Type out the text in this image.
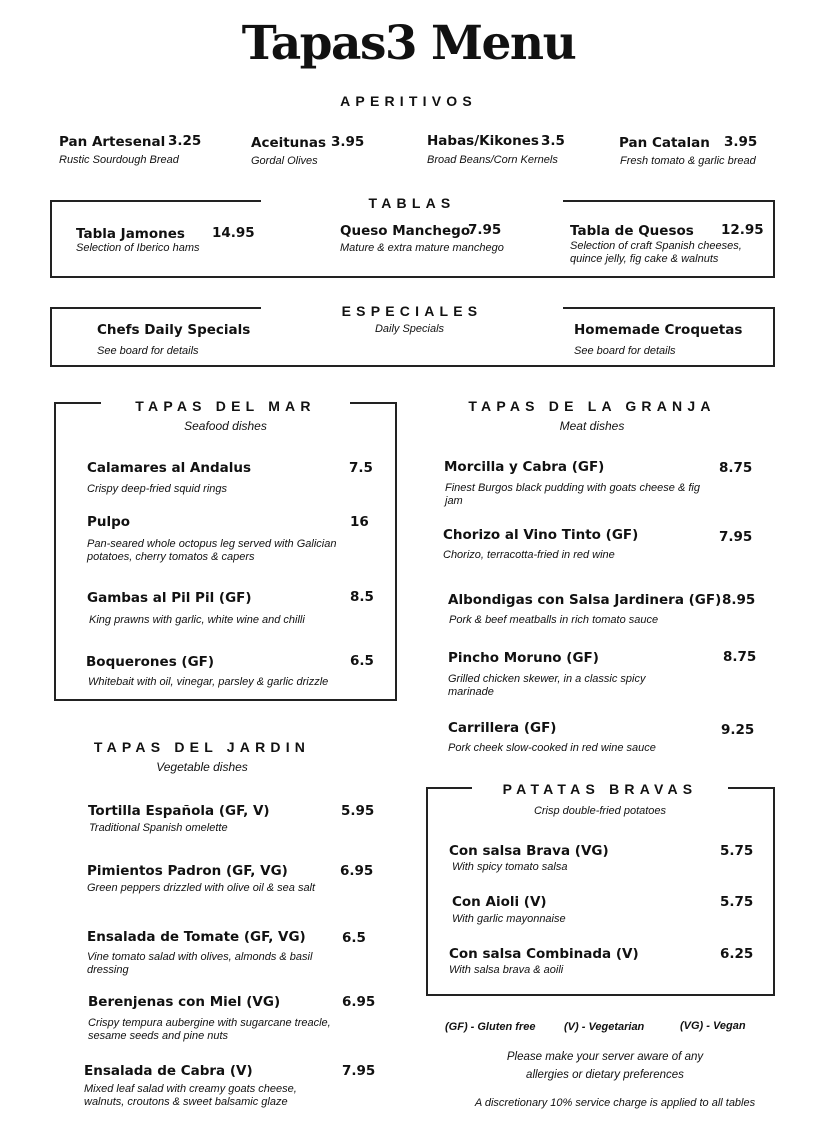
Tapas3 Menu
APERITIVOS
Pan Artesenal 3.25
Rustic Sourdough Bread
Aceitunas 3.95
Gordal Olives
Habas/Kikones 3.5
Broad Beans/Corn Kernels
Pan Catalan 3.95
Fresh tomato & garlic bread
TABLAS
Tabla Jamones 14.95
Selection of Iberico hams
Queso Manchego
7.95
Mature & extra mature manchego
Tabla de Quesos 12.95
Selection of craft Spanish cheeses, quince jelly, fig cake & walnuts
ESPECIALES
Daily Specials
Chefs Daily Specials
See board for details
Homemade Croquetas
See board for details
TAPAS DEL MAR
Seafood dishes
Calamares al Andalus	7.5
Crispy deep-fried squid rings
Pulpo	16
Pan-seared whole octopus leg served with Galician potatoes, cherry tomatos & capers
Gambas al Pil Pil (GF)	8.5
King prawns with garlic, white wine and chilli
Boquerones (GF)	6.5
Whitebait with oil, vinegar, parsley & garlic drizzle
TAPAS DE LA GRANJA
Meat dishes
Morcilla y Cabra (GF)	8.75
Finest Burgos black pudding with goats cheese & fig jam
Chorizo al Vino Tinto (GF)	7.95
Chorizo, terracotta-fried in red wine
Albondigas con Salsa Jardinera (GF) 8.95
Pork & beef meatballs in rich tomato sauce
Pincho Moruno (GF)	8.75
Grilled chicken skewer, in a classic spicy marinade
Carrillera (GF)	9.25
Pork cheek slow-cooked in red wine sauce
TAPAS DEL JARDIN
Vegetable dishes
Tortilla Española (GF, V)	5.95
Traditional Spanish omelette
Pimientos Padron (GF, VG)	6.95
Green peppers drizzled with olive oil & sea salt
Ensalada de Tomate (GF, VG)	6.5
Vine tomato salad with olives, almonds & basil dressing
Berenjenas con Miel (VG)	6.95
Crispy tempura aubergine with sugarcane treacle, sesame seeds and pine nuts
Ensalada de Cabra (V)	7.95
Mixed leaf salad with creamy goats cheese, walnuts, croutons & sweet balsamic glaze
PATATAS BRAVAS
Crisp double-fried potatoes
Con salsa Brava (VG)	5.75
With spicy tomato salsa
Con Aioli (V)	5.75
With garlic mayonnaise
Con salsa Combinada (V)	6.25
With salsa brava & aoili
(GF) - Gluten free	(V) - Vegetarian	(VG) - Vegan
Please make your server aware of any
allergies or dietary preferences
A discretionary 10% service charge is applied to all tables
